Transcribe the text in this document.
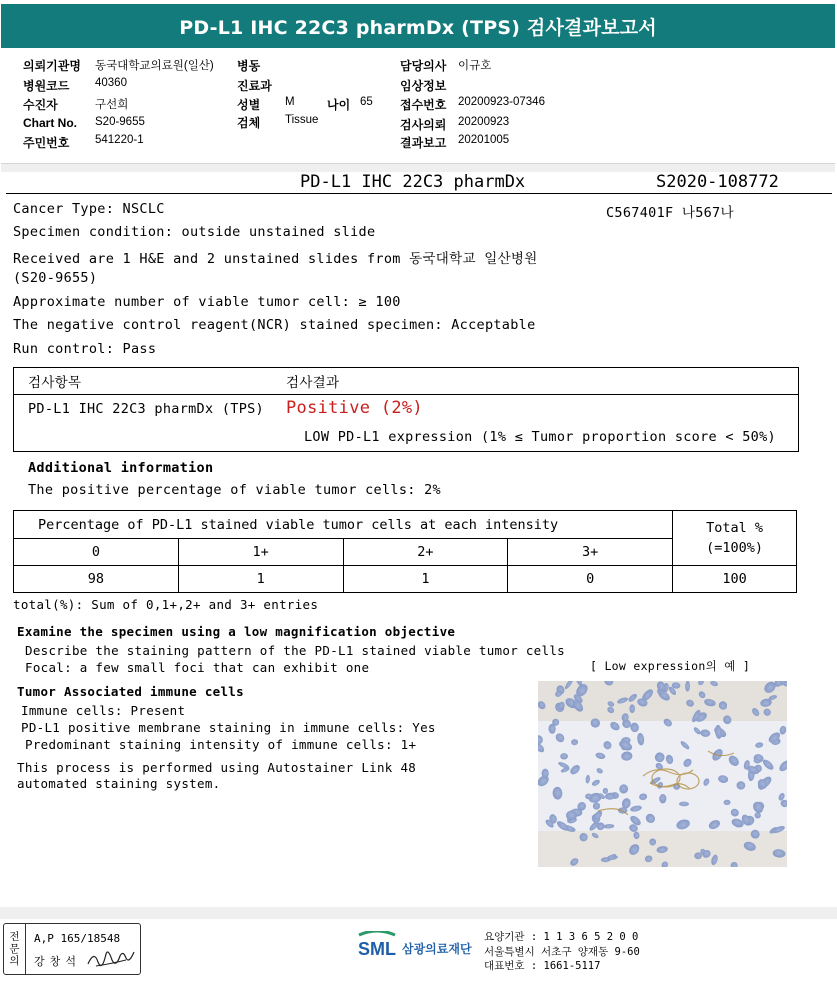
PD-L1 IHC 22C3 pharmDx (TPS) 검사결과보고서
의뢰기관명	동국대학교의료원(일산)
병원코드	40360
수진자	구선희
Chart No.	S20-9655
주민번호	541220-1
병동
진료과
성별	M	나이 65
검체	Tissue
담당의사	이규호
임상정보
접수번호	20200923-07346
검사의뢰	20200923
결과보고	20201005
PD-L1 IHC 22C3 pharmDx	S2020-108772
Cancer Type: NSCLC	C567401F 나567나
Specimen condition: outside unstained slide
Received are 1 H&E and 2 unstained slides from 동국대학교 일산병원
(S20-9655)
Approximate number of viable tumor cell: ≥ 100
The negative control reagent(NCR) stained specimen: Acceptable
Run control: Pass
검사항목	검사결과
PD-L1 IHC 22C3 pharmDx (TPS) Positive (2%)
LOW PD-L1 expression (1% ≤ Tumor proportion score < 50%)
Additional information
The positive percentage of viable tumor cells: 2%
Percentage of PD-L1 stained viable tumor cells at each intensity				Total %
(=100%)

0	1+	2+	3+	
98	1	1	0	100
total(%): Sum of 0,1+,2+ and 3+ entries
Examine the specimen using a low magnification objective
Describe the staining pattern of the PD-L1 stained viable tumor cells
Focal: a few small foci that can exhibit one	[ Low expression의 예 ]
Tumor Associated immune cells
Immune cells: Present
PD-L1 positive membrane staining in immune cells: Yes
Predominant staining intensity of immune cells: 1+
This process is performed using Autostainer Link 48
automated staining system.
전
문
의
A,P 165/18548
강 창 석
SML 삼광의료재단
요양기관 : 1 1 3 6 5 2 0 0
서울특별시 서초구 양재동 9-60
대표번호 : 1661-5117
